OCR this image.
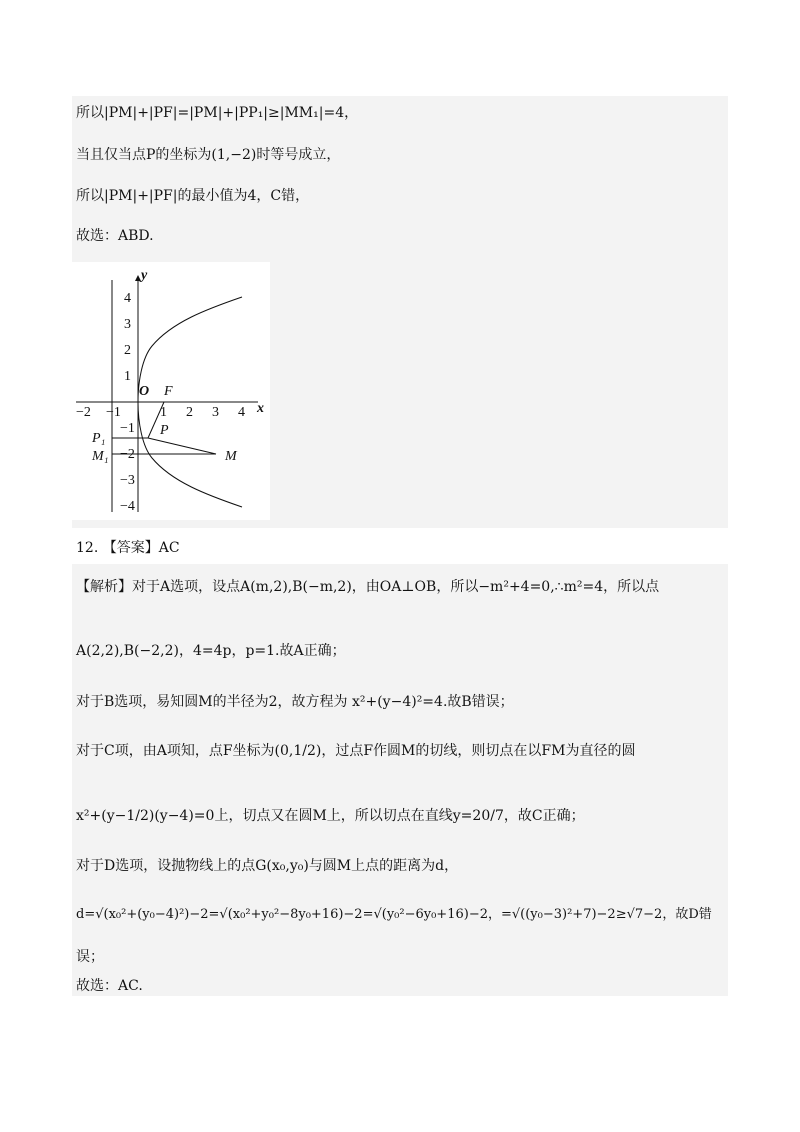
所以|PM|+|PF|=|PM|+|PP₁|≥|MM₁|=4，
当且仅当点P的坐标为(1,−2)时等号成立，
所以|PM|+|PF|的最小值为4，C错，
故选：ABD.
x
y
O F
P
M
P₁
M₁
−2 −1	1 2 3 4
4
3
2
1
−1
−2
−3
−4
12. 【答案】AC
【解析】对于A选项，设点A(m,2),B(−m,2)，由OA⊥OB，所以−m²+4=0,∴m²=4，所以点
A(2,2),B(−2,2)，4=4p，p=1.故A正确；
对于B选项，易知圆M的半径为2，故方程为 x²+(y−4)²=4.故B错误；
对于C项，由A项知，点F坐标为(0,1/2)，过点F作圆M的切线，则切点在以FM为直径的圆
x²+(y−1/2)(y−4)=0上，切点又在圆M上，所以切点在直线y=20/7，故C正确；
对于D选项，设抛物线上的点G(x₀,y₀)与圆M上点的距离为d，
d=√(x₀²+(y₀−4)²)−2=√(x₀²+y₀²−8y₀+16)−2=√(y₀²−6y₀+16)−2，=√((y₀−3)²+7)−2≥√7−2，故D错
误；
故选：AC.
